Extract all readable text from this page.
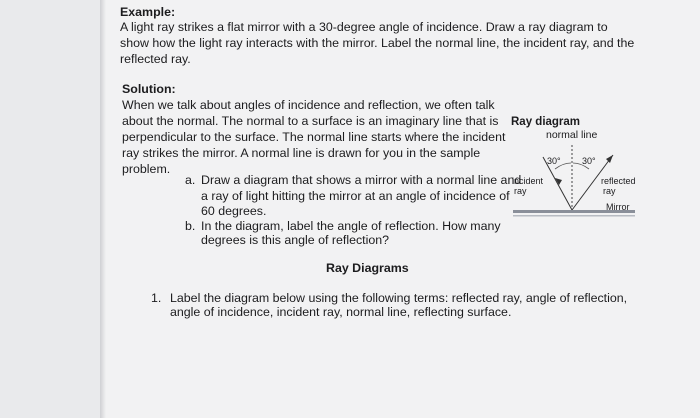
Example:
A light ray strikes a flat mirror with a 30-degree angle of incidence. Draw a ray diagram to
show how the light ray interacts with the mirror. Label the normal line, the incident ray, and the
reflected ray.
Solution:
When we talk about angles of incidence and reflection, we often talk
about the normal. The normal to a surface is an imaginary line that is
perpendicular to the surface. The normal line starts where the incident
ray strikes the mirror. A normal line is drawn for you in the sample
problem.
a. Draw a diagram that shows a mirror with a normal line and
a ray of light hitting the mirror at an angle of incidence of
60 degrees.
b. In the diagram, label the angle of reflection. How many
degrees is this angle of reflection?
Ray Diagrams
1. Label the diagram below using the following terms: reflected ray, angle of reflection,
angle of incidence, incident ray, normal line, reflecting surface.
Ray diagram
normal line
30° 30°
incident
ray
reflected
ray
Mirror
